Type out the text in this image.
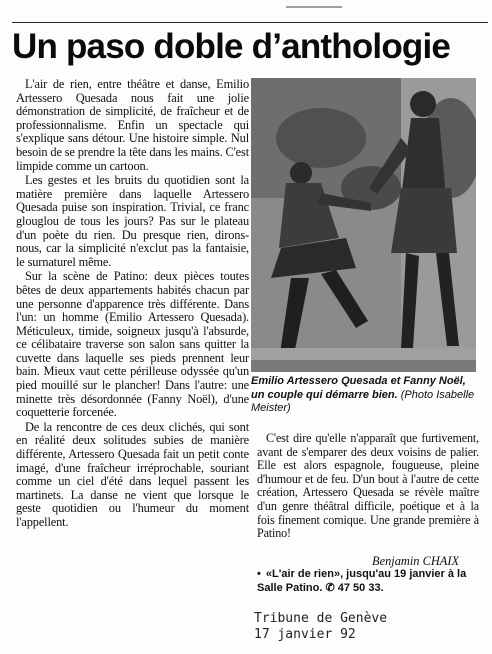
Un paso doble d’anthologie

L'air de rien, entre théâtre et danse, Emilio Artessero Quesada nous fait une jolie démonstration de simplicité, de fraîcheur et de professionnalisme. Enfin un spectacle qui s'explique sans détour. Une histoire simple. Nul besoin de se prendre la tête dans les mains. C'est limpide comme un cartoon.

Les gestes et les bruits du quotidien sont la matière première dans laquelle Artessero Quesada puise son inspiration. Trivial, ce franc glouglou de tous les jours? Pas sur le plateau d'un poète du rien. Du presque rien, dirons-nous, car la simplicité n'exclut pas la fantaisie, le surnaturel même.

Sur la scène de Patino: deux pièces toutes bêtes de deux appartements habités chacun par une personne d'apparence très différente. Dans l'un: un homme (Emilio Artessero Quesada). Méticuleux, timide, soigneux jusqu'à l'absurde, ce célibataire traverse son salon sans quitter la cuvette dans laquelle ses pieds prennent leur bain. Mieux vaut cette périlleuse odyssée qu'un pied mouillé sur le plancher! Dans l'autre: une minette très désordonnée (Fanny Noël), d'une coquetterie forcenée.

De la rencontre de ces deux clichés, qui sont en réalité deux solitudes subies de manière différente, Artessero Quesada fait un petit conte imagé, d'une fraîcheur irréprochable, souriant comme un ciel d'été dans lequel passent les martinets. La danse ne vient que lorsque le geste quotidien ou l'humeur du moment l'appellent.

Emilio Artessero Quesada et Fanny Noël, un couple qui démarre bien. (Photo Isabelle Meister)

C'est dire qu'elle n'apparaît que furtivement, avant de s'emparer des deux voisins de palier. Elle est alors espagnole, fougueuse, pleine d'humour et de feu. D'un bout à l'autre de cette création, Artessero Quesada se révèle maître d'un genre théâtral difficile, poétique et à la fois finement comique. Une grande première à Patino!

Benjamin CHAIX
• «L'air de rien», jusqu'au 19 janvier à la Salle Patino. ✆ 47 50 33.
Tribune de Genève
17 janvier 92
